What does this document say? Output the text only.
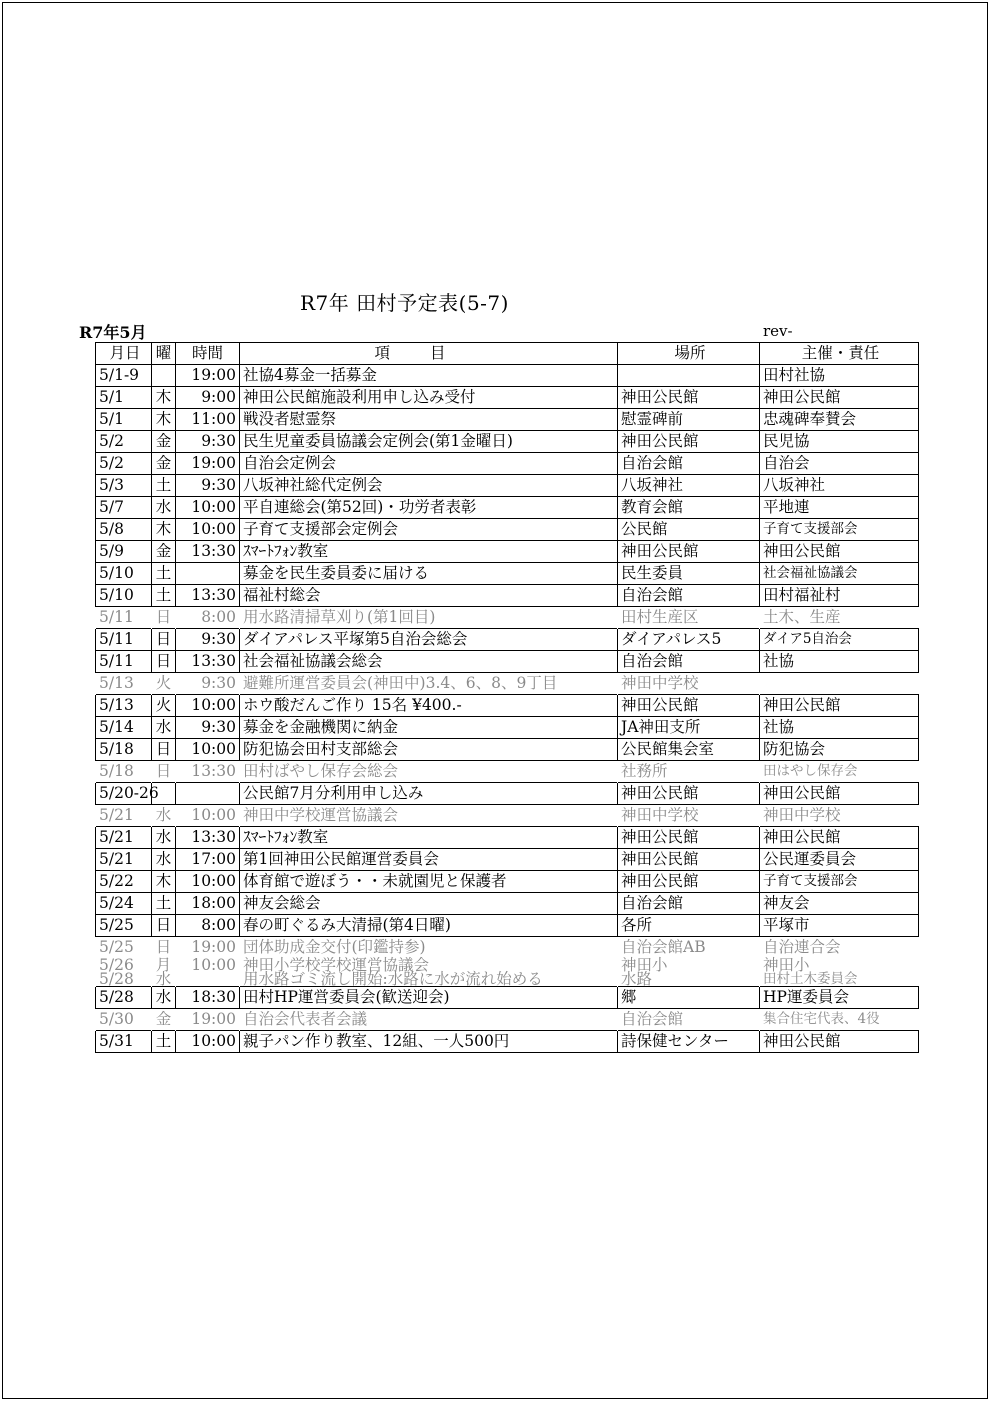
R7年 田村予定表(5-7)
R7年5月	rev-
月日	曜	時間	項目	場所	主催・責任
5/1-9		19:00	社協4募金一括募金		田村社協
5/1	木	9:00	神田公民館施設利用申し込み受付	神田公民館	神田公民館
5/1	木	11:00	戦没者慰霊祭	慰霊碑前	忠魂碑奉賛会
5/2	金	9:30	民生児童委員協議会定例会(第1金曜日)	神田公民館	民児協
5/2	金	19:00	自治会定例会	自治会館	自治会
5/3	土	9:30	八坂神社総代定例会	八坂神社	八坂神社
5/7	水	10:00	平自連総会(第52回)・功労者表彰	教育会館	平地連
5/8	木	10:00	子育て支援部会定例会	公民館	子育て支援部会
5/9	金	13:30	ｽﾏｰﾄﾌｫﾝ教室	神田公民館	神田公民館
5/10	土		募金を民生委員委に届ける	民生委員	社会福祉協議会
5/10	土	13:30	福祉村総会	自治会館	田村福祉村
5/11	日	8:00	用水路清掃草刈り(第1回目)	田村生産区	土木、生産
5/11	日	9:30	ダイアパレス平塚第5自治会総会	ダイアパレス5	ダイア5自治会
5/11	日	13:30	社会福祉協議会総会	自治会館	社協
5/13	火	9:30	避難所運営委員会(神田中)3.4、6、8、9丁目	神田中学校	
5/13	火	10:00	ホウ酸だんご作り 15名 ¥400.-	神田公民館	神田公民館
5/14	水	9:30	募金を金融機関に納金	JA神田支所	社協
5/18	日	10:00	防犯協会田村支部総会	公民館集会室	防犯協会
5/18	日	13:30	田村ばやし保存会総会	社務所	田はやし保存会
5/20-26			公民館7月分利用申し込み	神田公民館	神田公民館
5/21	水	10:00	神田中学校運営協議会	神田中学校	神田中学校
5/21	水	13:30	ｽﾏｰﾄﾌｫﾝ教室	神田公民館	神田公民館
5/21	水	17:00	第1回神田公民館運営委員会	神田公民館	公民運委員会
5/22	木	10:00	体育館で遊ぼう・・未就園児と保護者	神田公民館	子育て支援部会
5/24	土	18:00	神友会総会	自治会館	神友会
5/25	日	8:00	春の町ぐるみ大清掃(第4日曜)	各所	平塚市
5/25	日	19:00	団体助成金交付(印鑑持参)	自治会館AB	自治連合会
5/26	月	10:00	神田小学校学校運営協議会	神田小	神田小
5/28	水		用水路ゴミ流し開始:水路に水が流れ始める	水路	田村土木委員会
5/28	水	18:30	田村HP運営委員会(歓送迎会)	郷	HP運委員会
5/30	金	19:00	自治会代表者会議	自治会館	集合住宅代表、4役
5/31	土	10:00	親子パン作り教室、12組、一人500円	詩保健センター	神田公民館
